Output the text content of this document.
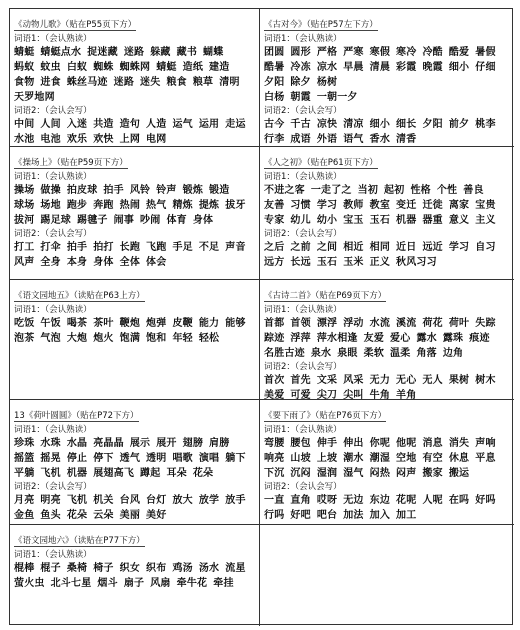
《动物儿歌》（贴在P55页下方）
词语1：（会认熟读）
蜻蜓 蜻蜓点水 捉迷藏 迷路 躲藏 藏书 蝴蝶蚂蚁 蚊虫 白蚁 蜘蛛 蜘蛛网 蜻蜓 造纸 建造食物 进食 蛛丝马迹 迷路 迷失 粮食 粮草 清明天罗地网
词语2：（会认会写）
中间 人间 入迷 共造 造句 人造 运气 运用 走运水池 电池 欢乐 欢快 上网 电网
《古对今》（贴在P57左下方）
词语1：（会认熟读）
团圆 圆形 严格 严寒 寒假 寒冷 冷酷 酷爱 暑假酷暑 冷冻 凉水 早晨 清晨 彩霞 晚霞 细小 仔细夕阳 除夕 杨树
白杨 朝霞 一朝一夕
词语2：（会认会写）
古今 千古 凉快 清凉 细小 细长 夕阳 前夕 桃李行李 成语 外语 语气 香水 清香
《操场上》（贴在P59页下方）
词语1：（会认熟读）
操场 做操 拍皮球 拍手 风铃 铃声 锻炼 锻造球场 场地 跑步 奔跑 热闹 热气 精炼 提炼 拔牙拔河 踢足球 踢毽子 闹事 吵闹 体育 身体
词语2：（会认会写）
打工 打伞 拍手 拍打 长跑 飞跑 手足 不足 声音风声 全身 本身 身体 全体 体会
《人之初》（贴在P61页下方）
词语1：（会认熟读）
不进之客 一走了之 当初 起初 性格 个性 善良友善 习惯 学习 教师 教室 变迁 迁徙 离家 宝贵专家 幼儿 幼小 宝玉 玉石 机器 器重 意义 主义
词语2：（会认会写）
之后 之前 之间 相近 相同 近日 远近 学习 自习远方 长远 玉石 玉米 正义 秋风习习
《语文园地五》（读贴在P63上方）
词语1：（会认熟读）
吃饭 午饭 喝茶 茶叶 鞭炮 炮弹 皮鞭 能力 能够泡茶 气泡 大炮 炮火 饱满 饱和 年轻 轻松
《古诗二首》（贴在P69页下方）
词语1：（会认熟读）
首都 首领 漂浮 浮动 水流 溪流 荷花 荷叶 失踪踪迹 浮萍 萍水相逢 友爱 爱心 露水 露珠 痕迹名胜古迹 泉水 泉眼 柔软 温柔 角落 边角
词语2：（会认会写）
首次 首先 文采 风采 无力 无心 无人 果树 树木美爱 可爱 尖刀 尖叫 牛角 羊角
13《荷叶圆圆》（贴在P72下方）
词语1：（会认熟读）
珍珠 水珠 水晶 亮晶晶 展示 展开 翅膀 肩膀摇篮 摇晃 停止 停下 透气 透明 唱歌 演唱 躺下平躺 飞机 机器 展翅高飞 蹲起 耳朵 花朵
词语2：（会认会写）
月亮 明亮 飞机 机关 台风 台灯 放大 放学 放手金鱼 鱼头 花朵 云朵 美丽 美好
《要下雨了》（贴在P76页下方）
词语1：（会认熟读）
弯腰 腰包 伸手 伸出 你呢 他呢 消息 消失 声响响亮 山坡 上坡 潮水 潮湿 空地 有空 休息 平息下沉 沉闷 湿润 湿气 闷热 闷声 搬家 搬运
词语2：（会认会写）
一直 直角 哎呀 无边 东边 花呢 人呢 在吗 好吗行吗 好吧 吧台 加法 加入 加工
《语文园地六》（读贴在P77下方）
词语1：（会认熟读）
棍棒 棍子 桑椅 椅子 织女 织布 鸡汤 汤水 流星萤火虫 北斗七星 烟斗 扇子 风扇 牵牛花 牵挂
